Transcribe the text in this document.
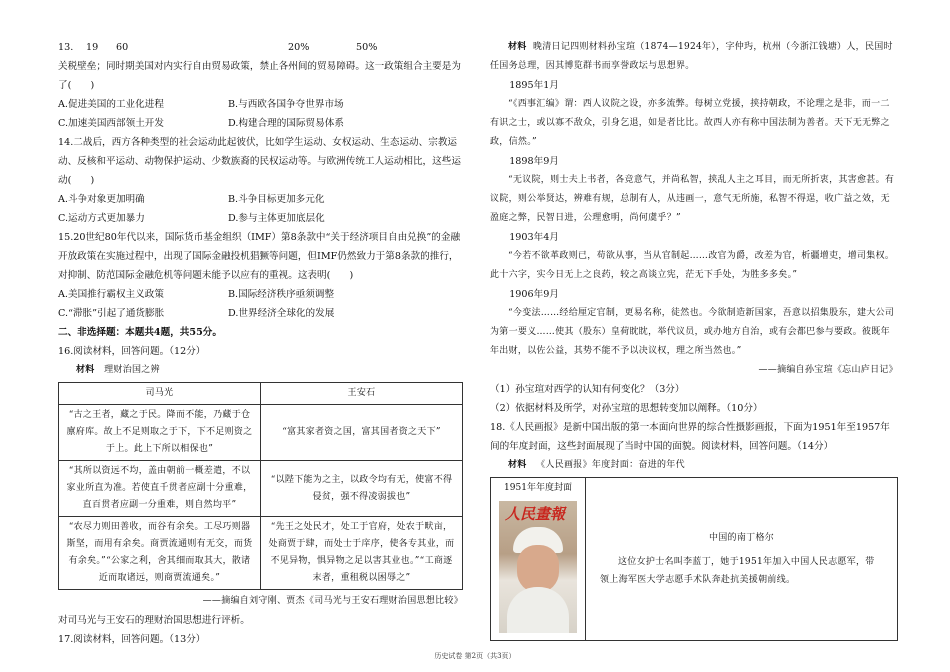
13.	19	60	20%	50%

关税壁垒；同时期美国对内实行自由贸易政策，禁止各州间的贸易障碍。这一政策组合主要是为了(　　)

A.促进美国的工业化进程	B.与西欧各国争夺世界市场
C.加速美国西部领土开发	D.构建合理的国际贸易体系

14.二战后，西方各种类型的社会运动此起彼伏，比如学生运动、女权运动、生态运动、宗教运动、反核和平运动、动物保护运动、少数族裔的民权运动等。与欧洲传统工人运动相比，这些运动(　　)

A.斗争对象更加明确	B.斗争目标更加多元化
C.运动方式更加暴力	D.参与主体更加底层化

15.20世纪80年代以来，国际货币基金组织（IMF）第8条款中“关于经济项目自由兑换”的金融开放政策在实施过程中，出现了国际金融投机猖獗等问题，但IMF仍然致力于第8条款的推行，对抑制、防范国际金融危机等问题未能予以应有的重视。这表明(　　)

A.美国推行霸权主义政策	B.国际经济秩序亟须调整
C.“滞胀”引起了通货膨胀	D.世界经济全球化的发展

二、非选择题：本题共4题，共55分。

16.阅读材料，回答问题。（12分）

材料 理财治国之辨

司马光	王安石
“古之王者，藏之于民。降而不能，乃藏于仓廪府库。故上不足则取之于下，下不足则资之于上。此上下所以相保也”	“富其家者资之国，富其国者资之天下”
“其所以资远不均，盖由朝前一概差遣，不以家业所直为准。若使直千贯者应副十分重难，直百贯者应副一分重难，则自然均平”	“以陛下能为之主，以政令均有无，使富不得侵贫，强不得凌弱拔也”
“农尽力则田善收，而谷有余矣。工尽巧则器斯坚，而用有余矣。商贾流通则有无交，而货有余矣。”“公家之利，舍其细而取其大，散诸近而取诸远，则商贾流通矣。”	“先王之处民才，处工于官府，处农于畎亩，处商贾于肆，而处士于庠序，使各专其业，而不见异物，惧异物之足以害其业也。”“工商逐末者，重租税以困辱之”

——摘编自刘守刚、贾杰《司马光与王安石理财治国思想比较》

对司马光与王安石的理财治国思想进行评析。

17.阅读材料，回答问题。（13分）

材料 晚清日记四则材料孙宝瑄（1874—1924年），字仲玙，杭州（今浙江钱塘）人，民国时任国务总理，因其博览群书而享誉政坛与思想界。

1895年1月

“《西事汇编》谓：西人议院之设，亦多流弊。每树立党援，挟持朝政，不论理之是非，而一二有识之士，或以寡不敌众，引身乞退，如是者比比。故西人亦有称中国法制为善者。天下无无弊之政，信然。”

1898年9月

“无议院，则士夫上书者，各竞意气，并尚私智，挟乱人主之耳目，而无所折衷，其害愈甚。有议院，则公举贤达，辨难有规，总制有人，从违画一，意气无所施，私智不得逞，收广益之效，无盈庭之弊，民智日进，公理愈明，尚何虞乎？”

1903年4月

“今若不欲革政则已，苟欲从事，当从官制起……改官为爵，改差为官，析疆增吏，增司集权。此十六字，实今日无上之良药，较之高谈立宪，茫无下手处，为胜多多矣。”

1906年9月

“今变法……经给厘定官制，更易名称，徒然也。今欲制造新国家，吾意以招集股东，建大公司为第一要义……使其（股东）皇荷眈眈，举代议员，或办地方自治，或有会都巴参与要政。彼既年年出财，以佐公益，其势不能不予以决议权，理之所当然也。”

——摘编自孙宝瑄《忘山庐日记》

（1）孙宝瑄对西学的认知有何变化？（3分）

（2）依据材料及所学，对孙宝瑄的思想转变加以阐释。（10分）

18.《人民画报》是新中国出版的第一本面向世界的综合性摄影画报，下面为1951年至1957年间的年度封面，这些封面展现了当时中国的面貌。阅读材料，回答问题。（14分）

材料 《人民画报》年度封面：奋进的年代

1951年年度封面
人民畫報

中国的南丁格尔
这位女护士名叫李蓝丁，她于1951年加入中国人民志愿军，带领上海军医大学志愿手术队奔赴抗美援朝前线。
历史试卷 第2页（共3页）
